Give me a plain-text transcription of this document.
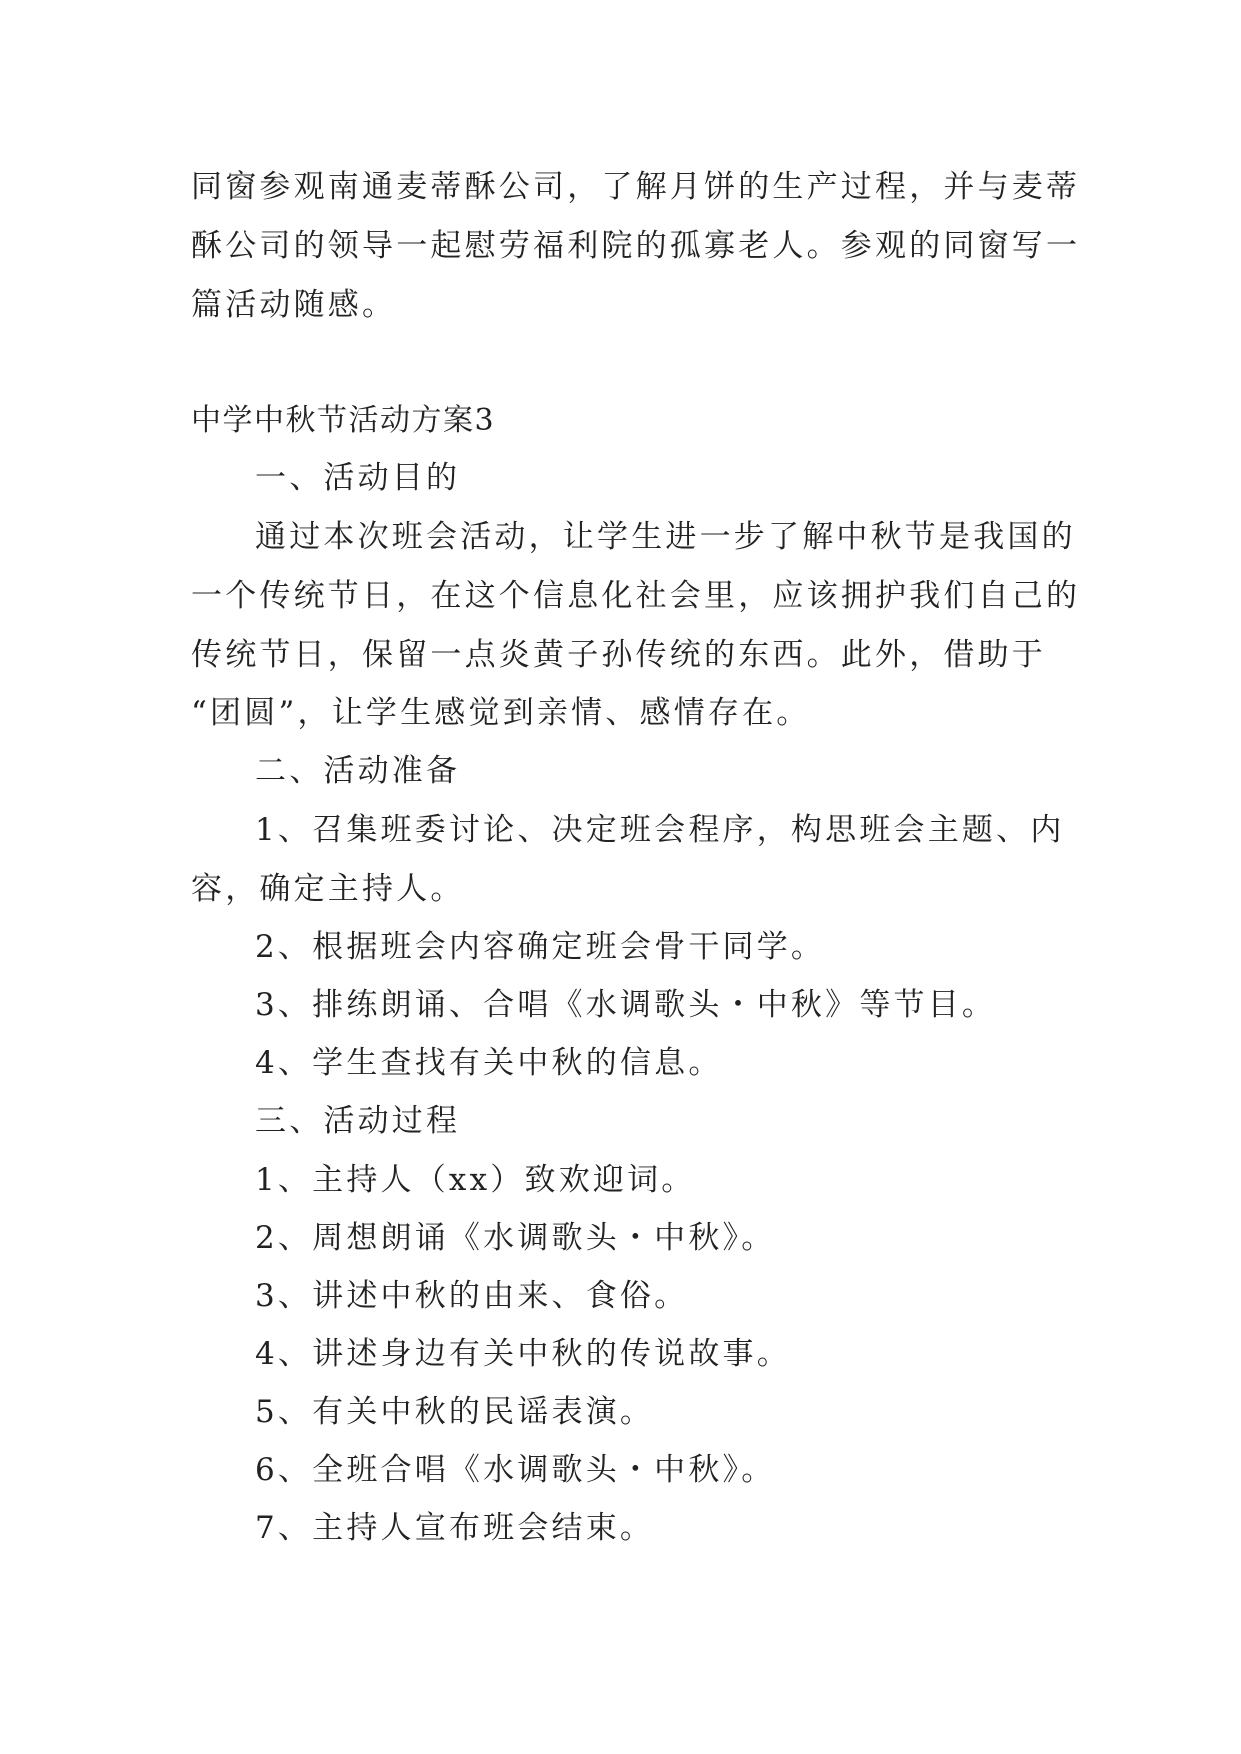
同窗参观南通麦蒂酥公司，了解月饼的生产过程，并与麦蒂
酥公司的领导一起慰劳福利院的孤寡老人。参观的同窗写一
篇活动随感。
中学中秋节活动方案3
一、活动目的
通过本次班会活动，让学生进一步了解中秋节是我国的
一个传统节日，在这个信息化社会里，应该拥护我们自己的
传统节日，保留一点炎黄子孙传统的东西。此外，借助于
“团圆”，让学生感觉到亲情、感情存在。
二、活动准备
1、召集班委讨论、决定班会程序，构思班会主题、内
容，确定主持人。
2、根据班会内容确定班会骨干同学。
3、排练朗诵、合唱《水调歌头・中秋》等节目。
4、学生查找有关中秋的信息。
三、活动过程
1、主持人（xx）致欢迎词。
2、周想朗诵《水调歌头・中秋》。
3、讲述中秋的由来、食俗。
4、讲述身边有关中秋的传说故事。
5、有关中秋的民谣表演。
6、全班合唱《水调歌头・中秋》。
7、主持人宣布班会结束。
